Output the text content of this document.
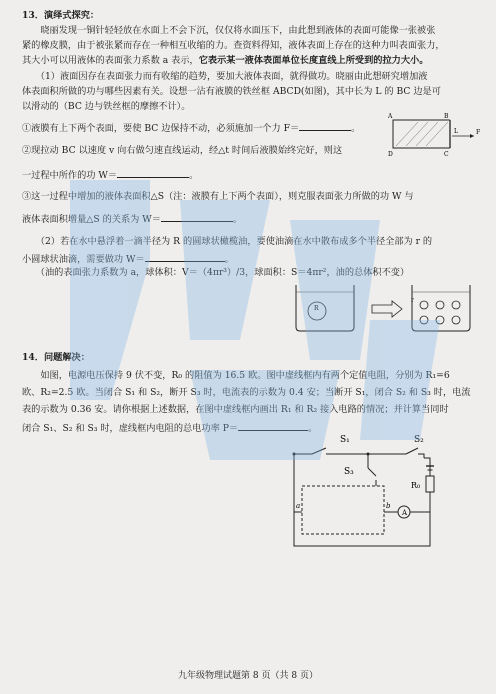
13．演绎式探究：
　　晓丽发现一铜针轻轻放在水面上不会下沉，仅仅将水面压下，由此想到液体的表面可能像一张被张
紧的橡皮膜，由于被张紧而存在一种相互收缩的力。查资料得知，液体表面上存在的这种力叫表面张力，
其大小可以用液体的表面张力系数 a 表示，它表示某一液体表面单位长度直线上所受到的拉力大小。
　　（1）液面因存在表面张力而有收缩的趋势，要加大液体表面，就得做功。晓丽由此想研究增加液
体表面积所做的功与哪些因素有关。设想一沾有液膜的铁丝框 ABCD(如图)，其中长为 L 的 BC 边是可
以滑动的（BC 边与铁丝框的摩擦不计）。
①液膜有上下两个表面，要使 BC 边保持不动，必须施加一个力 F＝	。
②现拉动 BC 以速度 v 向右做匀速直线运动，经△t 时间后液膜始终完好，则这
一过程中所作的功 W＝	。
③这一过程中增加的液体表面积△S（注：液膜有上下两个表面），则克服表面张力所做的功 W 与
液体表面积增量△S 的关系为 W＝	。
　　（2）若在水中悬浮着一滴半径为 R 的圆球状橄榄油，要使油滴在水中散布成多个半径全部为 r 的
小圆球状油滴，需要做功 W＝	。
　　（油的表面张力系数为 a，球体积：V＝（4πr³）/3，球面积：S＝4πr²，油的总体积不变）
A	B
D	C
L	F
R
r
14．问题解决：
　　如图，电源电压保持 9 伏不变，R₀ 的阻值为 16.5 欧。图中虚线框内有两个定值电阻，分别为 R₁=6
欧、R₂=2.5 欧。当闭合 S₁ 和 S₂，断开 S₃ 时，电流表的示数为 0.4 安；当断开 S₁，闭合 S₂ 和 S₃ 时，电流
表的示数为 0.36 安。请你根据上述数据，在图中虚线框内画出 R₁ 和 R₂ 接入电路的情况；并计算当同时
闭合 S₁、S₂ 和 S₃ 时，虚线框内电阻的总电功率 P＝	。
S₁	S₂
S₃
A
R₀
a	b
九年级物理试题第 8 页（共 8 页）
